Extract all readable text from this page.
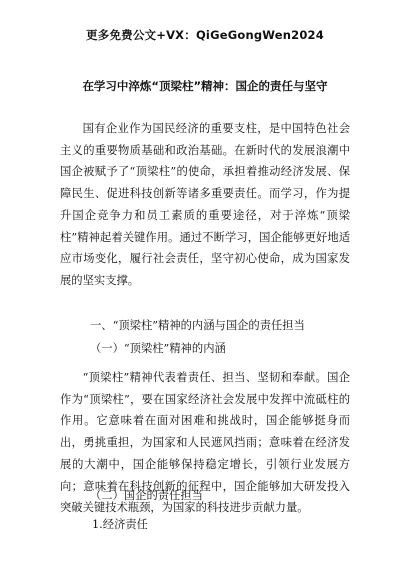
更多免费公文+VX：QiGeGongWen2024
在学习中淬炼“顶梁柱”精神：国企的责任与坚守

国有企业作为国民经济的重要支柱，是中国特色社会主义的重要物质基础和政治基础。在新时代的发展浪潮中国企被赋予了“顶梁柱”的使命，承担着推动经济发展、保障民生、促进科技创新等诸多重要责任。而学习，作为提升国企竞争力和员工素质的重要途径，对于淬炼“顶梁柱”精神起着关键作用。通过不断学习，国企能够更好地适应市场变化，履行社会责任，坚守初心使命，成为国家发展的坚实支撑。

一、“顶梁柱”精神的内涵与国企的责任担当
（一）“顶梁柱”精神的内涵

“顶梁柱”精神代表着责任、担当、坚韧和奉献。国企作为“顶梁柱”，要在国家经济社会发展中发挥中流砥柱的作用。它意味着在面对困难和挑战时，国企能够挺身而出，勇挑重担，为国家和人民遮风挡雨；意味着在经济发展的大潮中，国企能够保持稳定增长，引领行业发展方向；意味着在科技创新的征程中，国企能够加大研发投入突破关键技术瓶颈，为国家的科技进步贡献力量。

（二）国企的责任担当
1.经济责任
